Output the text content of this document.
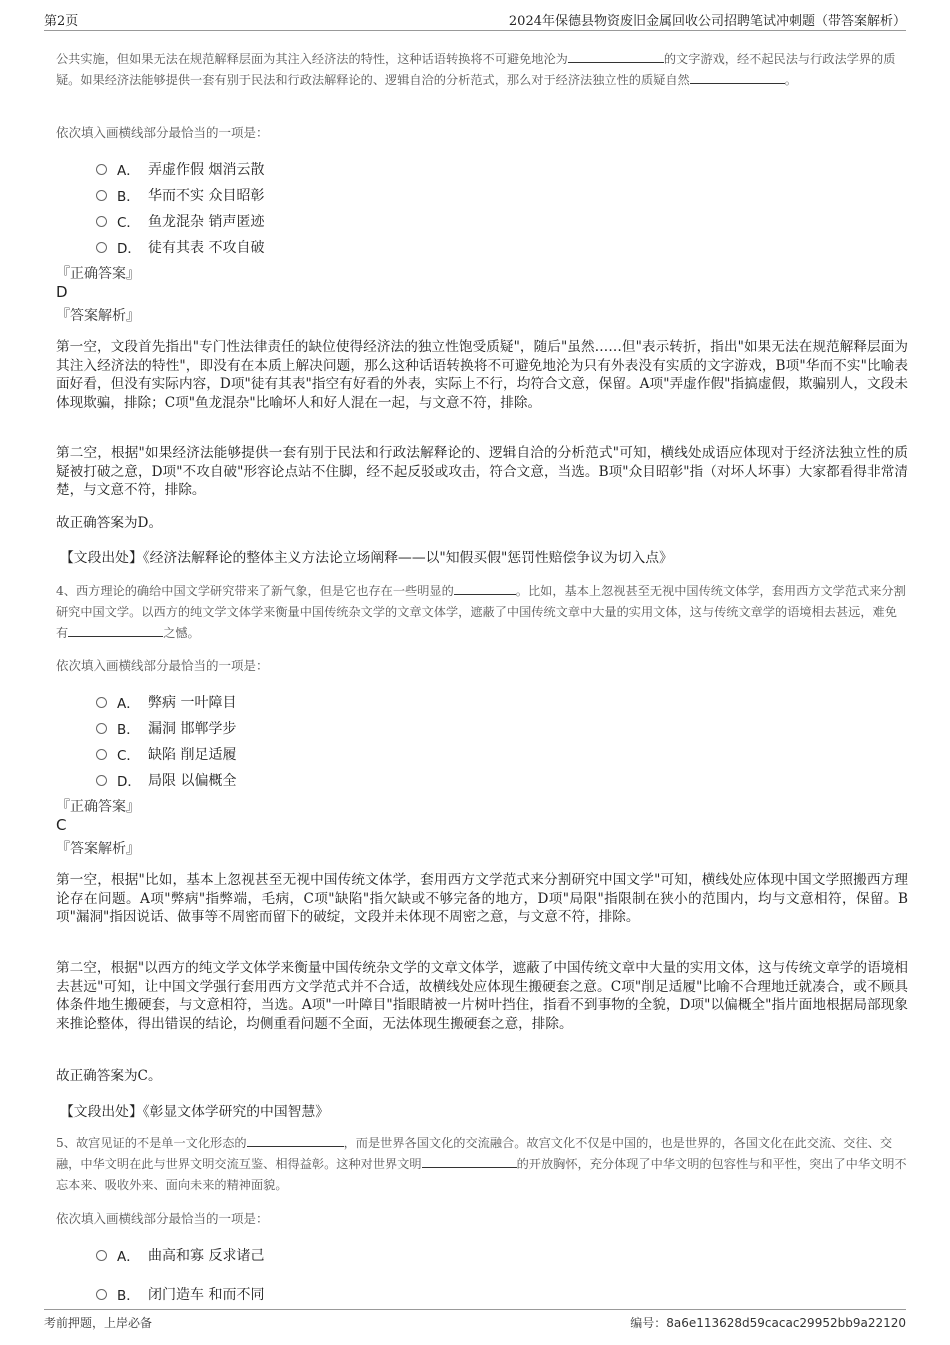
第2页	2024年保德县物资废旧金属回收公司招聘笔试冲刺题（带答案解析）
公共实施，但如果无法在规范解释层面为其注入经济法的特性，这种话语转换将不可避免地沦为	的文字游戏，经不起民法与行政法学界的质疑。如果经济法能够提供一套有别于民法和行政法解释论的、逻辑自洽的分析范式，那么对于经济法独立性的质疑自然	。
依次填入画横线部分最恰当的一项是：
A． 弄虚作假 烟消云散
B． 华而不实 众目昭彰
C． 鱼龙混杂 销声匿迹
D． 徒有其表 不攻自破
『正确答案』
D
『答案解析』
第一空，文段首先指出"专门性法律责任的缺位使得经济法的独立性饱受质疑"，随后"虽然……但"表示转折，指出"如果无法在规范解释层面为其注入经济法的特性"，即没有在本质上解决问题，那么这种话语转换将不可避免地沦为只有外表没有实质的文字游戏，B项"华而不实"比喻表面好看，但没有实际内容，D项"徒有其表"指空有好看的外表，实际上不行，均符合文意，保留。A项"弄虚作假"指搞虚假，欺骗别人，文段未体现欺骗，排除；C项"鱼龙混杂"比喻坏人和好人混在一起，与文意不符，排除。
第二空，根据"如果经济法能够提供一套有别于民法和行政法解释论的、逻辑自洽的分析范式"可知，横线处成语应体现对于经济法独立性的质疑被打破之意，D项"不攻自破"形容论点站不住脚，经不起反驳或攻击，符合文意，当选。B项"众目昭彰"指（对坏人坏事）大家都看得非常清楚，与文意不符，排除。
故正确答案为D。
【文段出处】《经济法解释论的整体主义方法论立场阐释——以"知假买假"惩罚性赔偿争议为切入点》
4、西方理论的确给中国文学研究带来了新气象，但是它也存在一些明显的	。比如，基本上忽视甚至无视中国传统文体学，套用西方文学范式来分割研究中国文学。以西方的纯文学文体学来衡量中国传统杂文学的文章文体学，遮蔽了中国传统文章中大量的实用文体，这与传统文章学的语境相去甚远，难免有	之憾。
依次填入画横线部分最恰当的一项是：
A． 弊病 一叶障目
B． 漏洞 邯郸学步
C． 缺陷 削足适履
D． 局限 以偏概全
『正确答案』
C
『答案解析』
第一空，根据"比如，基本上忽视甚至无视中国传统文体学，套用西方文学范式来分割研究中国文学"可知，横线处应体现中国文学照搬西方理论存在问题。A项"弊病"指弊端，毛病，C项"缺陷"指欠缺或不够完备的地方，D项"局限"指限制在狭小的范围内，均与文意相符，保留。B项"漏洞"指因说话、做事等不周密而留下的破绽，文段并未体现不周密之意，与文意不符，排除。
第二空，根据"以西方的纯文学文体学来衡量中国传统杂文学的文章文体学，遮蔽了中国传统文章中大量的实用文体，这与传统文章学的语境相去甚远"可知，让中国文学强行套用西方文学范式并不合适，故横线处应体现生搬硬套之意。C项"削足适履"比喻不合理地迁就凑合，或不顾具体条件地生搬硬套，与文意相符，当选。A项"一叶障目"指眼睛被一片树叶挡住，指看不到事物的全貌，D项"以偏概全"指片面地根据局部现象来推论整体，得出错误的结论，均侧重看问题不全面，无法体现生搬硬套之意，排除。
故正确答案为C。
【文段出处】《彰显文体学研究的中国智慧》
5、故宫见证的不是单一文化形态的	，而是世界各国文化的交流融合。故宫文化不仅是中国的，也是世界的，各国文化在此交流、交往、交融，中华文明在此与世界文明交流互鉴、相得益彰。这种对世界文明	的开放胸怀，充分体现了中华文明的包容性与和平性，突出了中华文明不忘本来、吸收外来、面向未来的精神面貌。
依次填入画横线部分最恰当的一项是：
A． 曲高和寡 反求诸己
B． 闭门造车 和而不同
考前押题，上岸必备	编号：8a6e113628d59cacac29952bb9a22120
